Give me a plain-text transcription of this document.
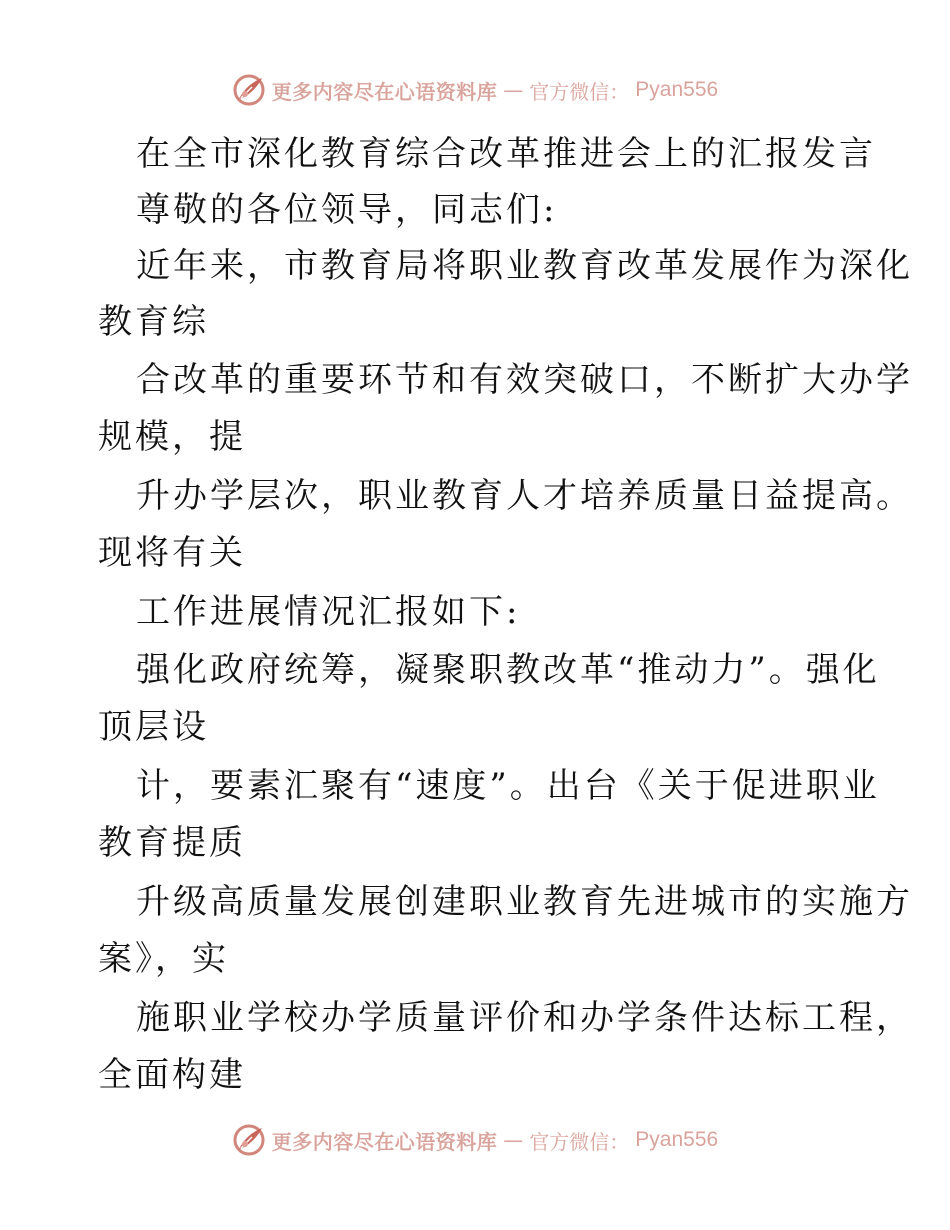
更多内容尽在心语资料库 — 官方微信： Pyan556
在全市深化教育综合改革推进会上的汇报发言
尊敬的各位领导，同志们:
近年来，市教育局将职业教育改革发展作为深化
教育综
合改革的重要环节和有效突破口，不断扩大办学
规模，提
升办学层次，职业教育人才培养质量日益提高。
现将有关
工作进展情况汇报如下:
强化政府统筹，凝聚职教改革“推动力”。强化
顶层设
计，要素汇聚有“速度”。出台《关于促进职业
教育提质
升级高质量发展创建职业教育先进城市的实施方
案》，实
施职业学校办学质量评价和办学条件达标工程，
全面构建
更多内容尽在心语资料库 — 官方微信： Pyan556
